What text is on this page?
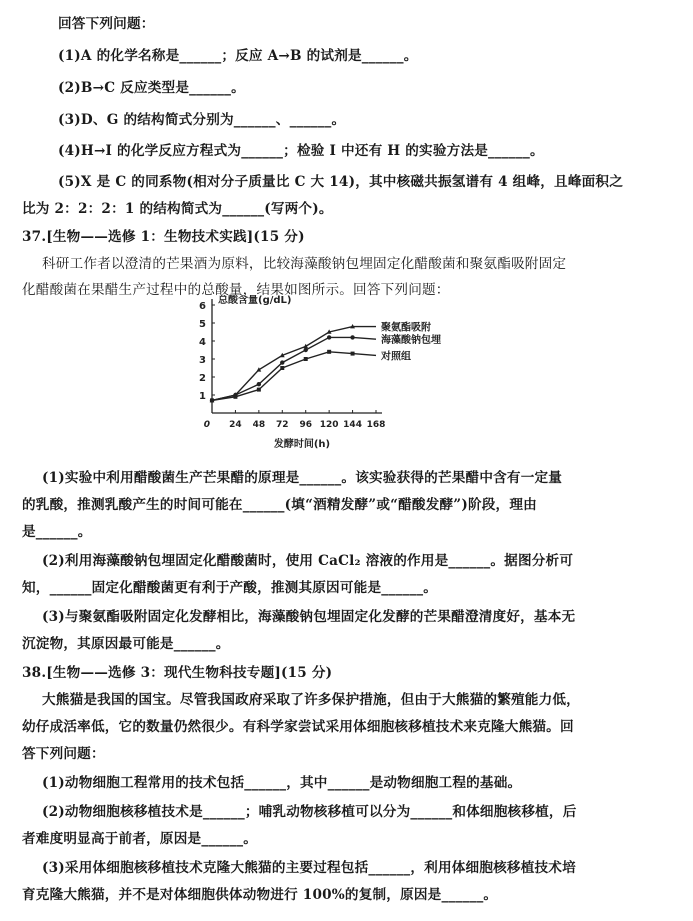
回答下列问题：
(1)A 的化学名称是______；反应 A→B 的试剂是______。
(2)B→C 反应类型是______。
(3)D、G 的结构简式分别为______、______。
(4)H→I 的化学反应方程式为______；检验 I 中还有 H 的实验方法是______。
(5)X 是 C 的同系物(相对分子质量比 C 大 14)，其中核磁共振氢谱有 4 组峰，且峰面积之
比为 2：2：2：1 的结构简式为______(写两个)。
37.[生物——选修 1：生物技术实践](15 分)
科研工作者以澄清的芒果酒为原料，比较海藻酸钠包埋固定化醋酸菌和聚氨酯吸附固定
化醋酸菌在果醋生产过程中的总酸量，结果如图所示。回答下列问题：
1
2
3
4
5
6
0 24 48 72 96 120 144 168
总酸含量(g/dL)
发酵时间(h)
聚氨酯吸附
海藻酸钠包埋
对照组
(1)实验中利用醋酸菌生产芒果醋的原理是______。该实验获得的芒果醋中含有一定量
的乳酸，推测乳酸产生的时间可能在______(填“酒精发酵”或“醋酸发酵”)阶段，理由
是______。
(2)利用海藻酸钠包埋固定化醋酸菌时，使用 CaCl₂ 溶液的作用是______。据图分析可
知，______固定化醋酸菌更有利于产酸，推测其原因可能是______。
(3)与聚氨酯吸附固定化发酵相比，海藻酸钠包埋固定化发酵的芒果醋澄清度好，基本无
沉淀物，其原因最可能是______。
38.[生物——选修 3：现代生物科技专题](15 分)
大熊猫是我国的国宝。尽管我国政府采取了许多保护措施，但由于大熊猫的繁殖能力低，
幼仔成活率低，它的数量仍然很少。有科学家尝试采用体细胞核移植技术来克隆大熊猫。回
答下列问题：
(1)动物细胞工程常用的技术包括______，其中______是动物细胞工程的基础。
(2)动物细胞核移植技术是______；哺乳动物核移植可以分为______和体细胞核移植，后
者难度明显高于前者，原因是______。
(3)采用体细胞核移植技术克隆大熊猫的主要过程包括______，利用体细胞核移植技术培
育克隆大熊猫，并不是对体细胞供体动物进行 100%的复制，原因是______。
